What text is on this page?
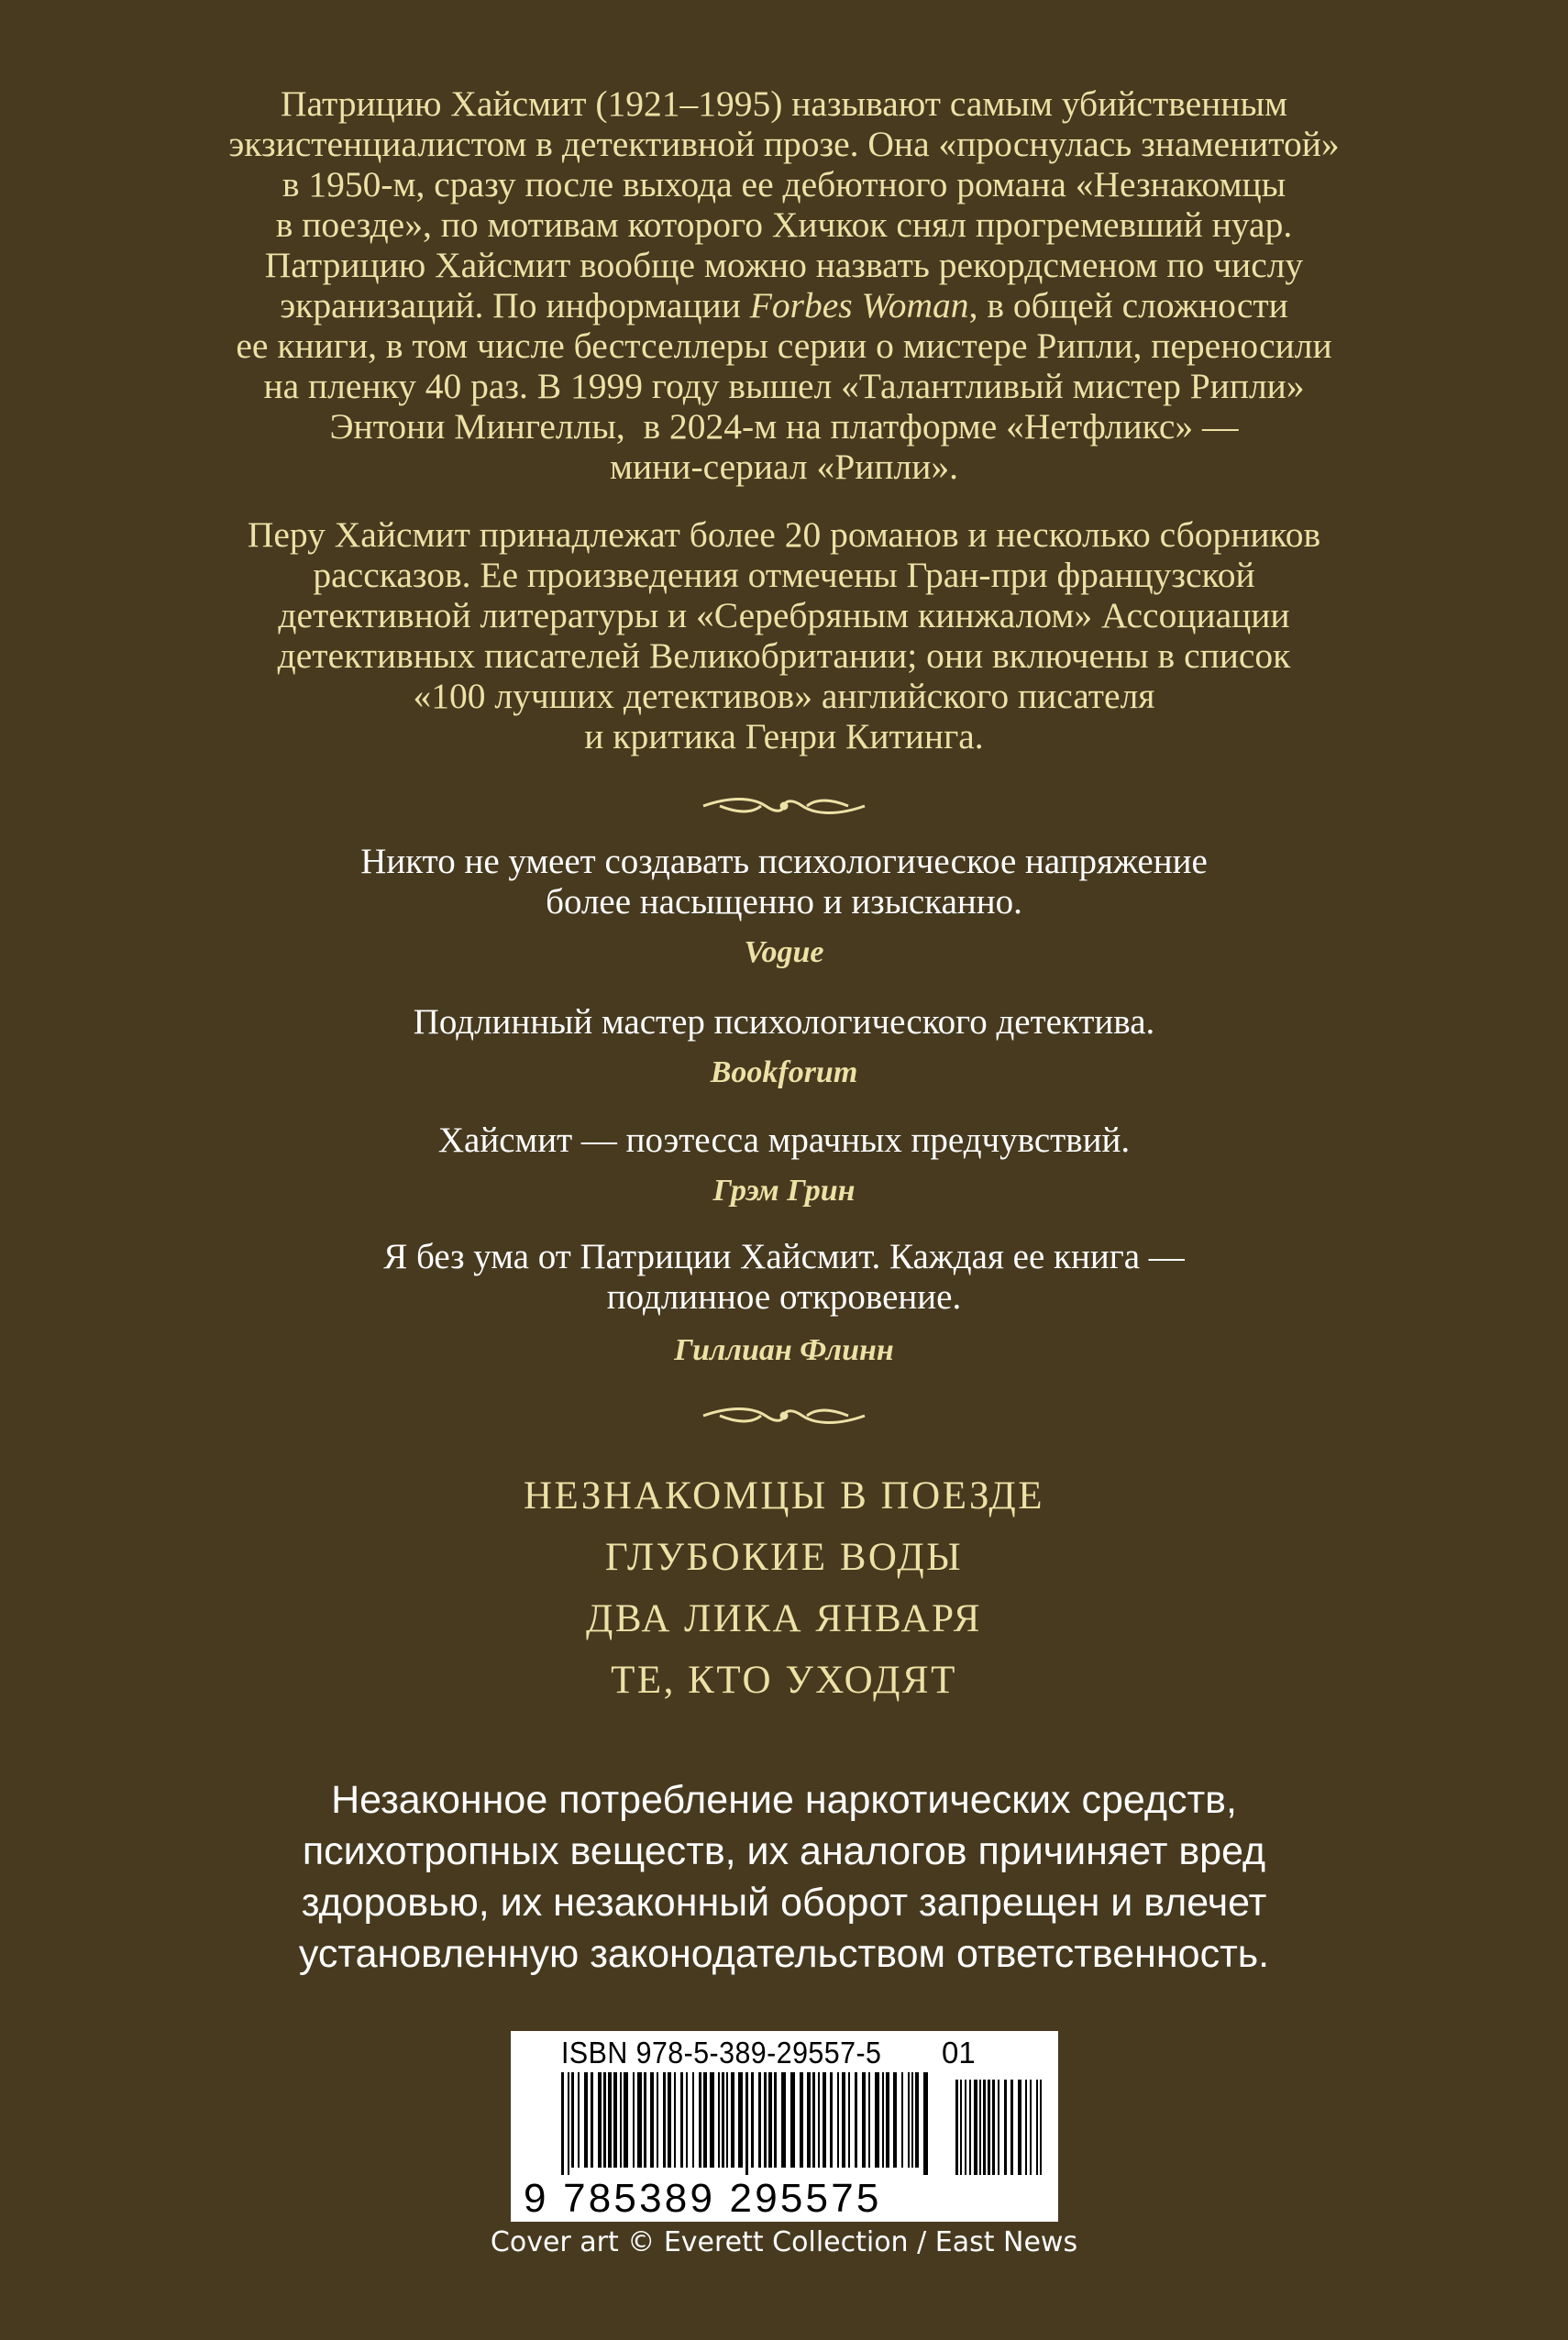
Патрицию Хайсмит (1921–1995) называют самым убийственным
экзистенциалистом в детективной прозе. Она «проснулась знаменитой»
в 1950-м, сразу после выхода ее дебютного романа «Незнакомцы
в поезде», по мотивам которого Хичкок снял прогремевший нуар.
Патрицию Хайсмит вообще можно назвать рекордсменом по числу
экранизаций. По информации Forbes Woman, в общей сложности
ее книги, в том числе бестселлеры серии о мистере Рипли, переносили
на пленку 40 раз. В 1999 году вышел «Талантливый мистер Рипли»
Энтони Мингеллы,  в 2024-м на платформе «Нетфликс» —
мини-сериал «Рипли».
Перу Хайсмит принадлежат более 20 романов и несколько сборников
рассказов. Ее произведения отмечены Гран-при французской
детективной литературы и «Серебряным кинжалом» Ассоциации
детективных писателей Великобритании; они включены в список
«100 лучших детективов» английского писателя
и критика Генри Китинга.
Никто не умеет создавать психологическое напряжение
более насыщенно и изысканно.
Vogue
Подлинный мастер психологического детектива.
Bookforum
Хайсмит — поэтесса мрачных предчувствий.
Грэм Грин
Я без ума от Патриции Хайсмит. Каждая ее книга —
подлинное откровение.
Гиллиан Флинн
НЕЗНАКОМЦЫ В ПОЕЗДЕ
ГЛУБОКИЕ ВОДЫ
ДВА ЛИКА ЯНВАРЯ
ТЕ, КТО УХОДЯТ
Незаконное потребление наркотических средств,
психотропных веществ, их аналогов причиняет вред
здоровью, их незаконный оборот запрещен и влечет
установленную законодательством ответственность.
ISBN 978-5-389-29557-5 01
9 785389 295575
Cover art © Everett Collection / East News
